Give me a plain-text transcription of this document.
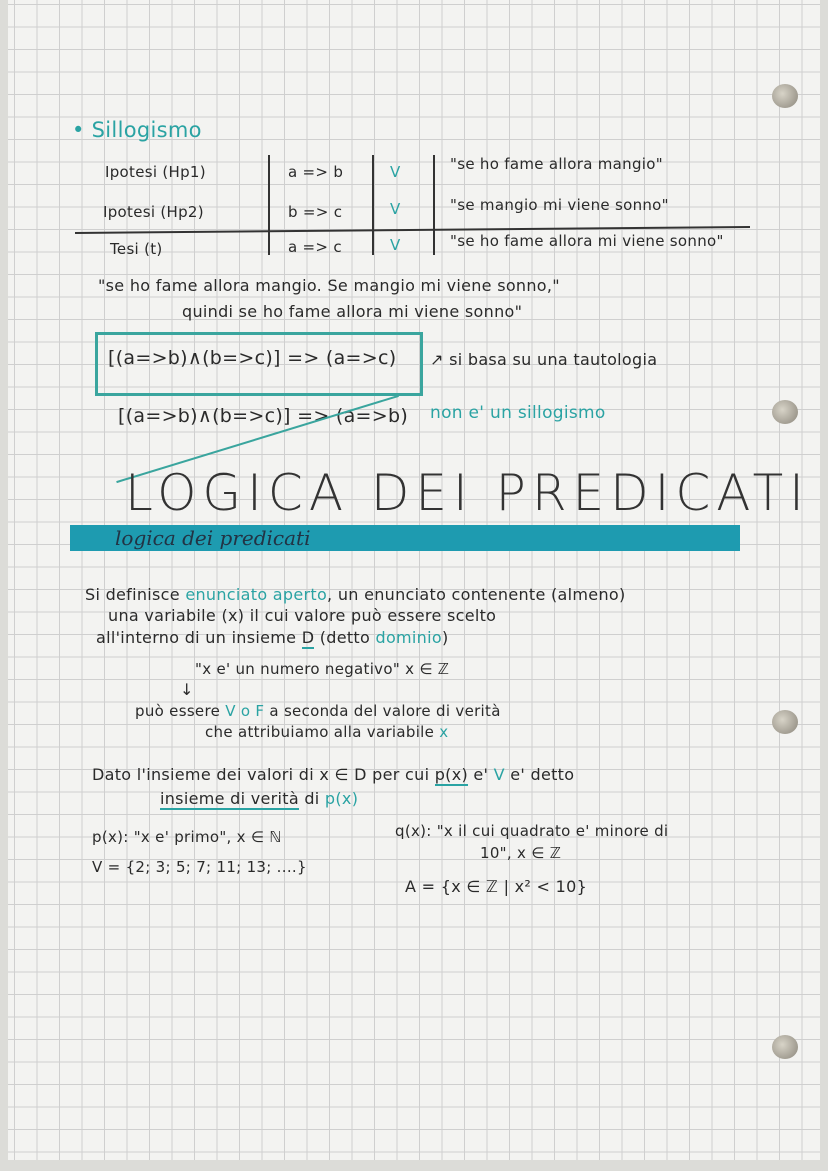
• Sillogismo
Ipotesi (Hp1)	a => b	V	"se ho fame allora mangio"
Ipotesi (Hp2)	b => c	V	"se mangio mi viene sonno"
Tesi (t)	a => c	V	"se ho fame allora mi viene sonno"
"se ho fame allora mangio. Se mangio mi viene sonno,"
quindi se ho fame allora mi viene sonno"
[(a=>b)∧(b=>c)] => (a=>c) ↗ si basa su una tautologia
[(a=>b)∧(b=>c)] => (a=>b) non e' un sillogismo
LOGICA DEI PREDICATI
logica dei predicati
Si definisce enunciato aperto, un enunciato contenente (almeno)
una variabile (x) il cui valore può essere scelto
all'interno di un insieme D (detto dominio)
"x e' un numero negativo" x ∈ ℤ
↓
può essere V o F a seconda del valore di verità
che attribuiamo alla variabile x
Dato l'insieme dei valori di x ∈ D per cui p(x) e' V e' detto
insieme di verità di p(x)
p(x): "x e' primo", x ∈ ℕ
V = {2; 3; 5; 7; 11; 13; ....}
q(x): "x il cui quadrato e' minore di
10", x ∈ ℤ
A = {x ∈ ℤ | x² < 10}
